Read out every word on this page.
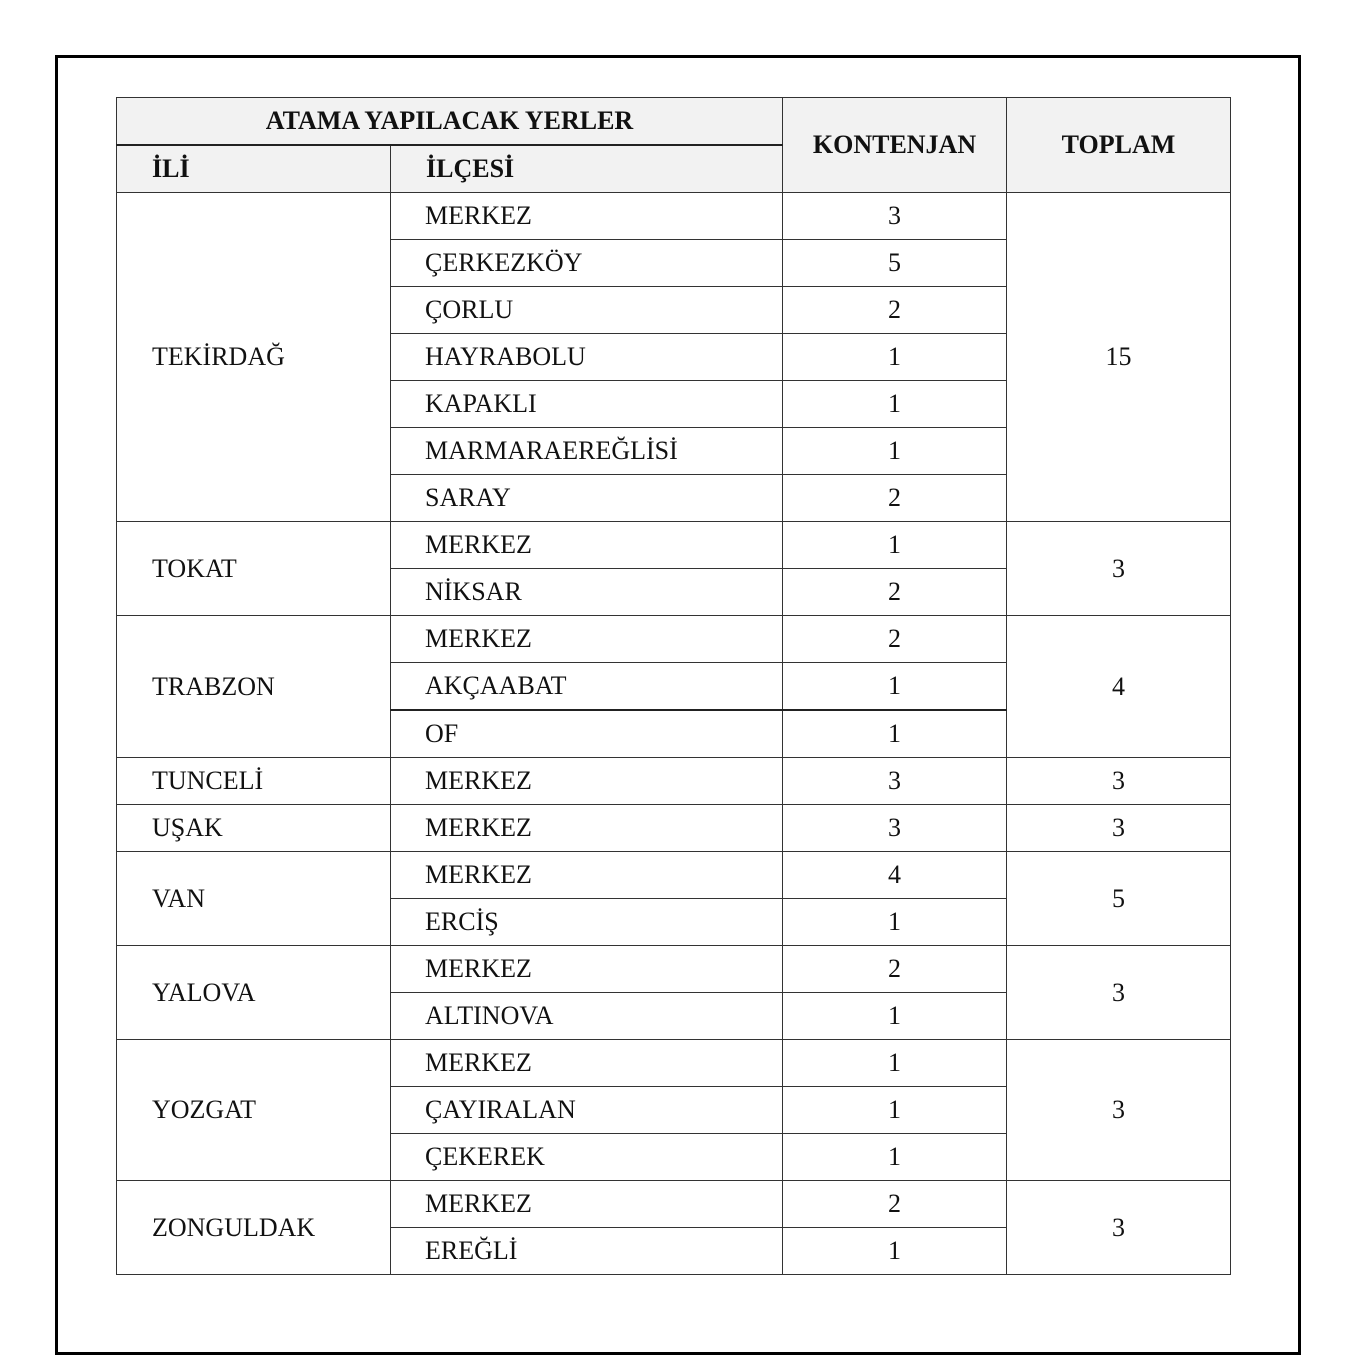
ATAMA YAPILACAK YERLER		KONTENJAN	TOPLAM
İLİ	İLÇESİ		
TEKİRDAĞ	MERKEZ	3	15
	ÇERKEZKÖY	5	
	ÇORLU	2	
	HAYRABOLU	1	
	KAPAKLI	1	
	MARMARAEREĞLİSİ	1	
	SARAY	2	
TOKAT	MERKEZ	1	3
	NİKSAR	2	
TRABZON	MERKEZ	2	4
	AKÇAABAT	1	
	OF	1	
TUNCELİ	MERKEZ	3	3
UŞAK	MERKEZ	3	3
VAN	MERKEZ	4	5
	ERCİŞ	1	
YALOVA	MERKEZ	2	3
	ALTINOVA	1	
YOZGAT	MERKEZ	1	3
	ÇAYIRALAN	1	
	ÇEKEREK	1	
ZONGULDAK	MERKEZ	2	3
	EREĞLİ	1	
